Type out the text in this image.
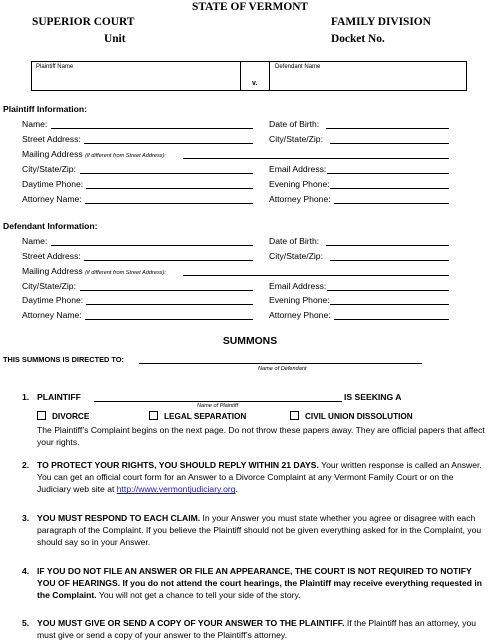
STATE OF VERMONT
SUPERIOR COURT
Unit
FAMILY DIVISION
Docket No.
Plaintiff Name
v.
Defendant Name
Plaintiff Information:
Name:	Date of Birth:
Street Address:	City/State/Zip:
Mailing Address (if different from Street Address):
City/State/Zip:	Email Address:
Daytime Phone:	Evening Phone:
Attorney Name:	Attorney Phone:
Defendant Information:
Name:	Date of Birth:
Street Address:	City/State/Zip:
Mailing Address (if different from Street Address):
City/State/Zip:	Email Address:
Daytime Phone:	Evening Phone:
Attorney Name:	Attorney Phone:
SUMMONS
THIS SUMMONS IS DIRECTED TO:
Name of Defendant
1. PLAINTIFF	IS SEEKING A
Name of Plaintiff
DIVORCE	LEGAL SEPARATION	CIVIL UNION DISSOLUTION
The Plaintiff’s Complaint begins on the next page. Do not throw these papers away. They are official papers that affect your rights.
2. TO PROTECT YOUR RIGHTS, YOU SHOULD REPLY WITHIN 21 DAYS. Your written response is called an Answer. You can get an official court form for an Answer to a Divorce Complaint at any Vermont Family Court or on the Judiciary web site at http://www.vermontjudiciary.org.
3. YOU MUST RESPOND TO EACH CLAIM. In your Answer you must state whether you agree or disagree with each paragraph of the Complaint. If you believe the Plaintiff should not be given everything asked for in the Complaint, you should say so in your Answer.
4. IF YOU DO NOT FILE AN ANSWER OR FILE AN APPEARANCE, THE COURT IS NOT REQUIRED TO NOTIFY YOU OF HEARINGS. If you do not attend the court hearings, the Plaintiff may receive everything requested in the Complaint. You will not get a chance to tell your side of the story.
5. YOU MUST GIVE OR SEND A COPY OF YOUR ANSWER TO THE PLAINTIFF. If the Plaintiff has an attorney, you must give or send a copy of your answer to the Plaintiff’s attorney.
